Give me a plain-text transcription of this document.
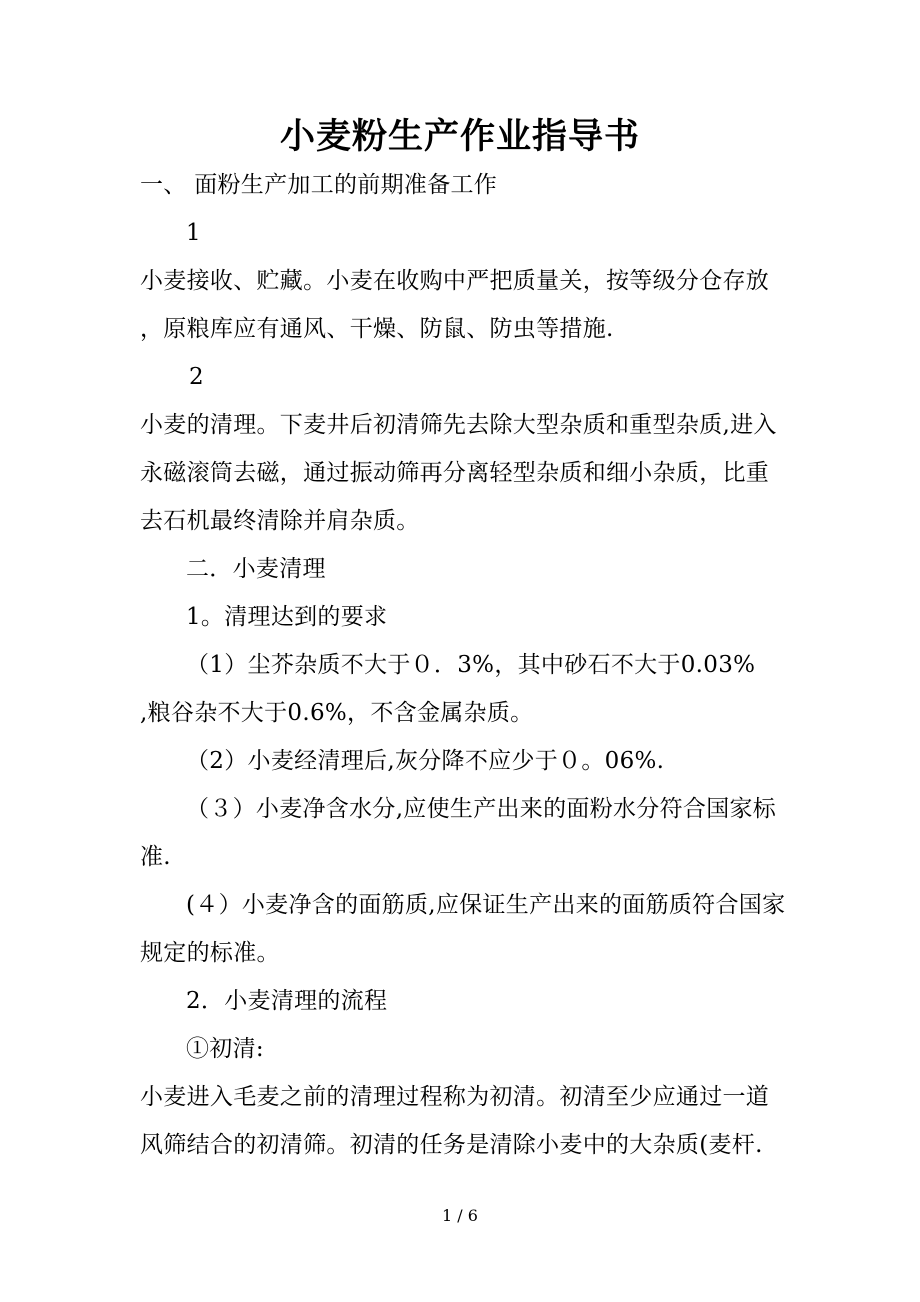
小麦粉生产作业指导书
一、 面粉生产加工的前期准备工作
1
小麦接收、贮藏。小麦在收购中严把质量关，按等级分仓存放
，原粮库应有通风、干燥、防鼠、防虫等措施.
2
小麦的清理。下麦井后初清筛先去除大型杂质和重型杂质,进入
永磁滚筒去磁，通过振动筛再分离轻型杂质和细小杂质，比重
去石机最终清除并肩杂质。
二．小麦清理
1。清理达到的要求
（1）尘芥杂质不大于０．3%，其中砂石不大于0.03%
,粮谷杂不大于0.6%，不含金属杂质。
（2）小麦经清理后,灰分降不应少于０。06%.
（３）小麦净含水分,应使生产出来的面粉水分符合国家标
准.
(４）小麦净含的面筋质,应保证生产出来的面筋质符合国家
规定的标准。
2．小麦清理的流程
①初清:
小麦进入毛麦之前的清理过程称为初清。初清至少应通过一道
风筛结合的初清筛。初清的任务是清除小麦中的大杂质(麦杆.
1 / 6
